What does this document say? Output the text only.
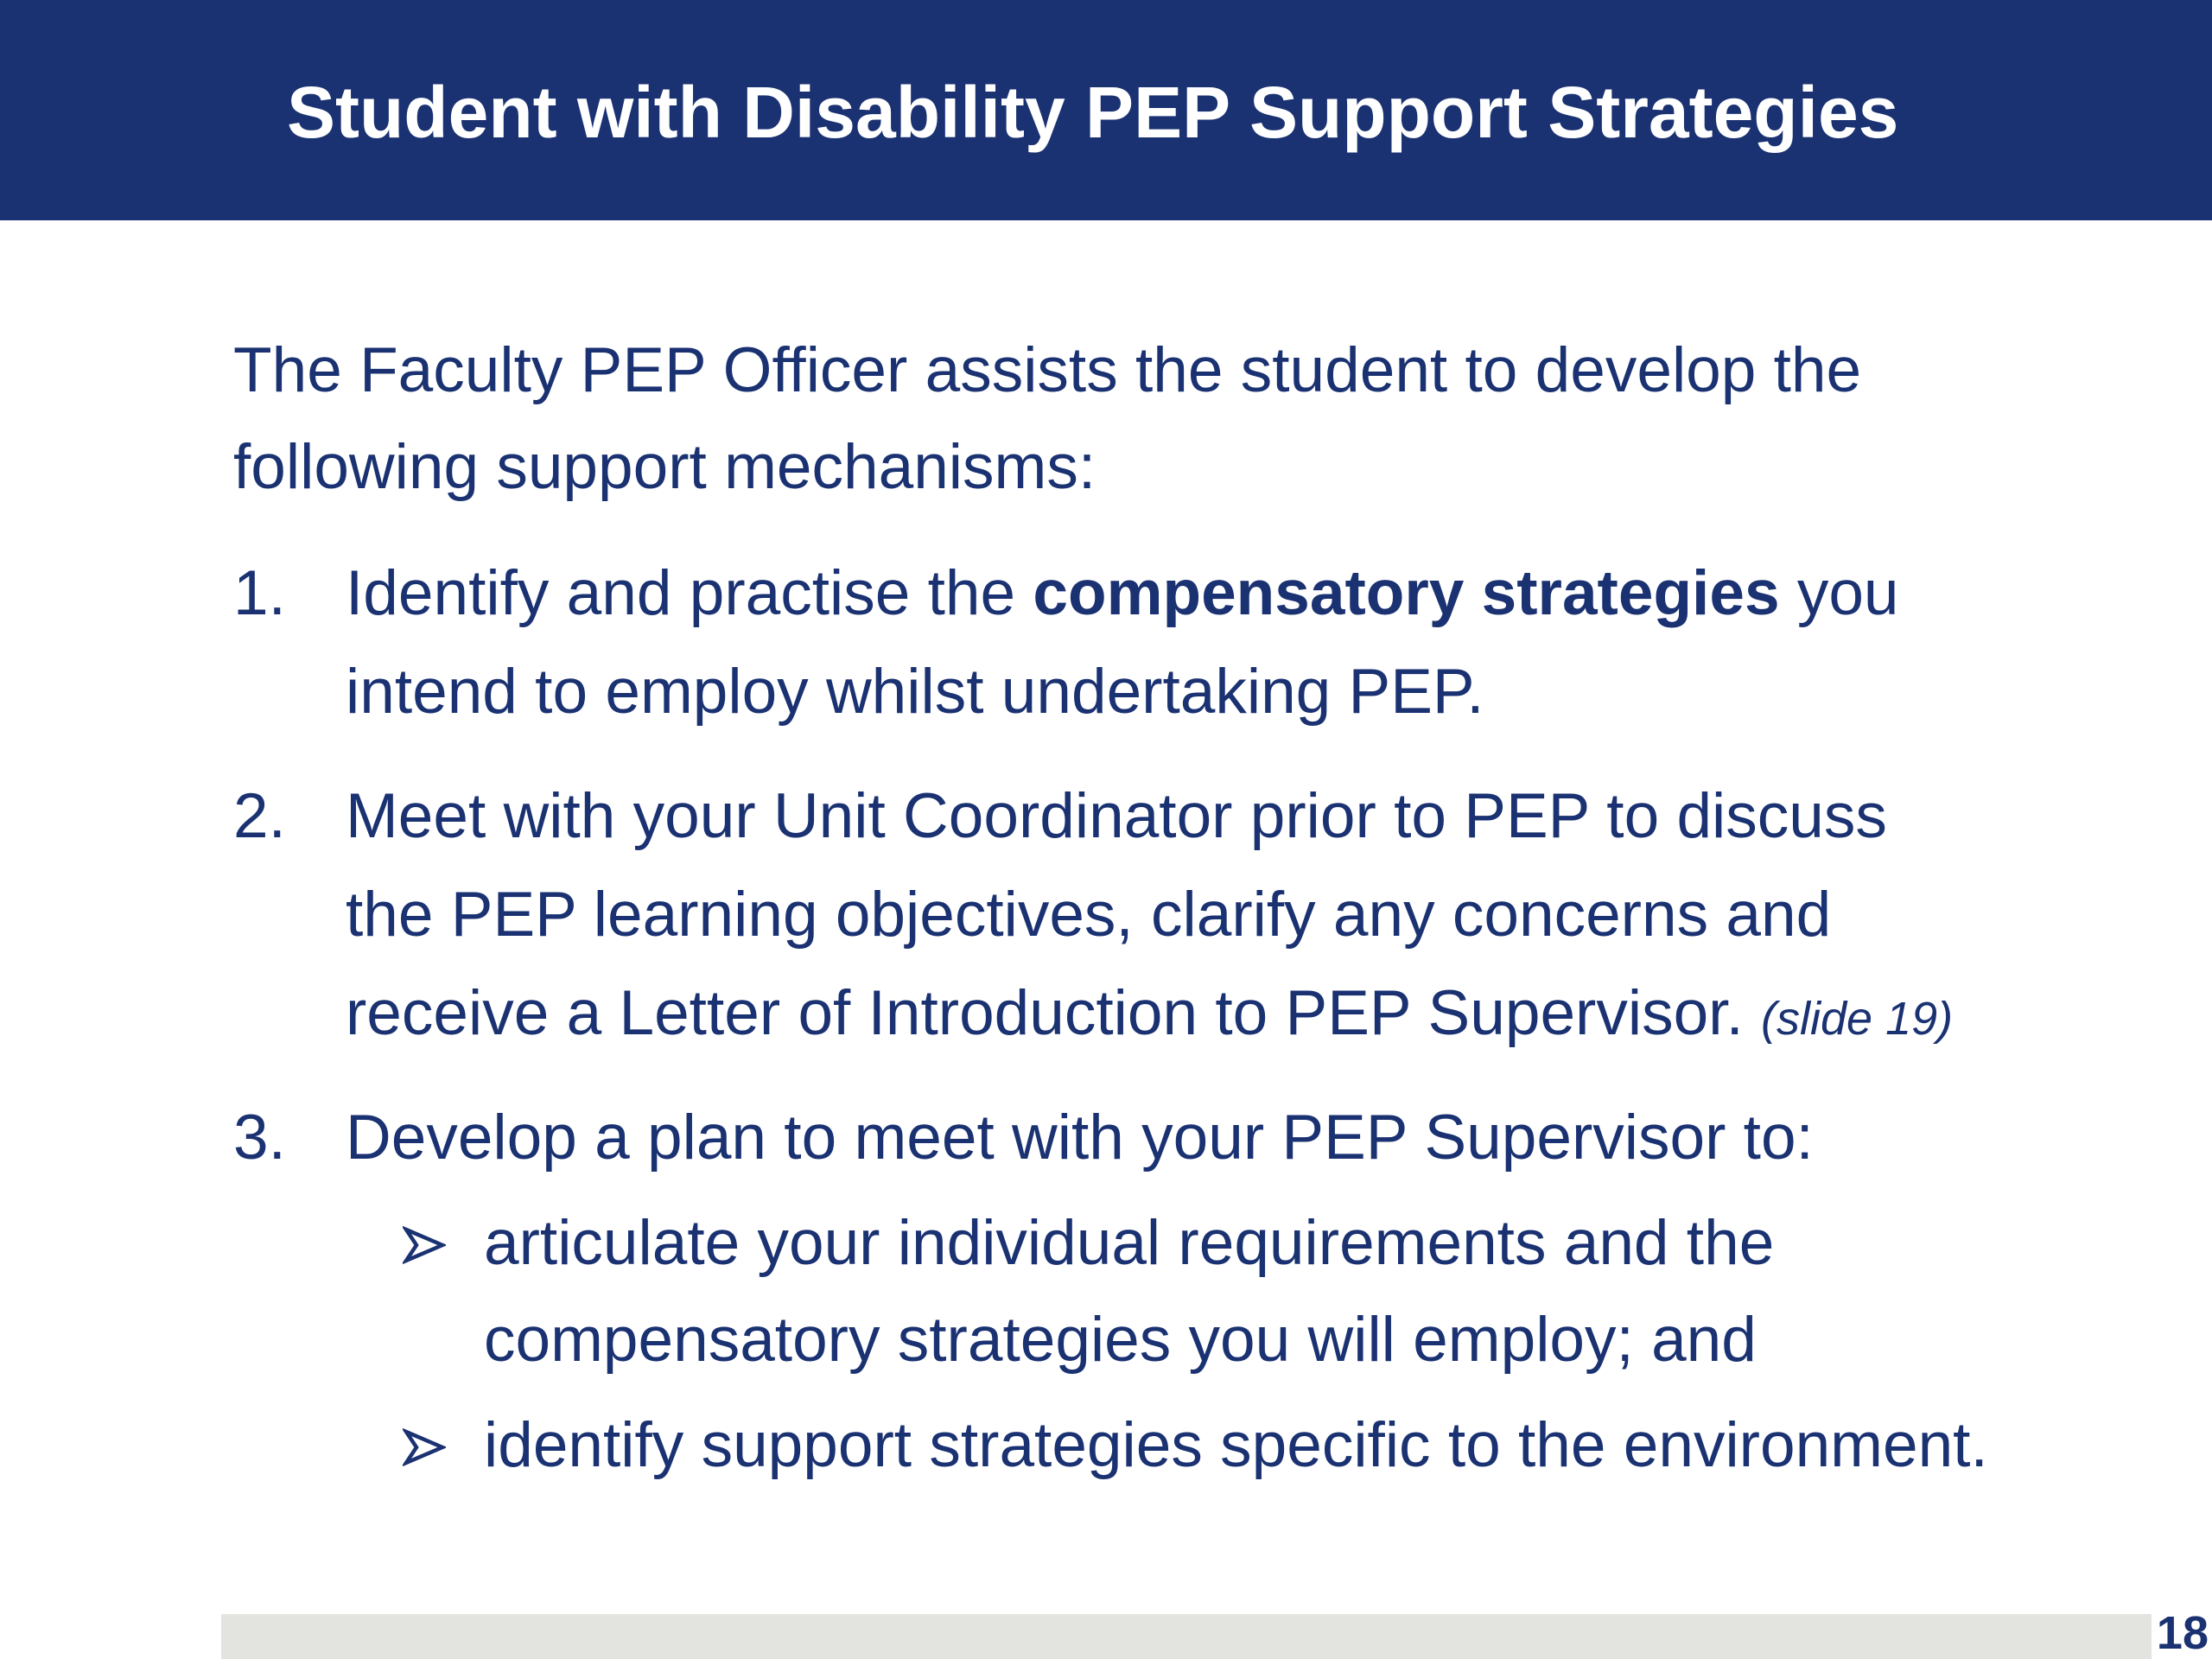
Student with Disability PEP Support Strategies
The Faculty PEP Officer assists the student to develop the
following support mechanisms:
1. Identify and practise the compensatory strategies you
intend to employ whilst undertaking PEP.
2. Meet with your Unit Coordinator prior to PEP to discuss
the PEP learning objectives, clarify any concerns and
receive a Letter of Introduction to PEP Supervisor. (slide 19)
3. Develop a plan to meet with your PEP Supervisor to:
articulate your individual requirements and the
compensatory strategies you will employ; and
identify support strategies specific to the environment.
18
